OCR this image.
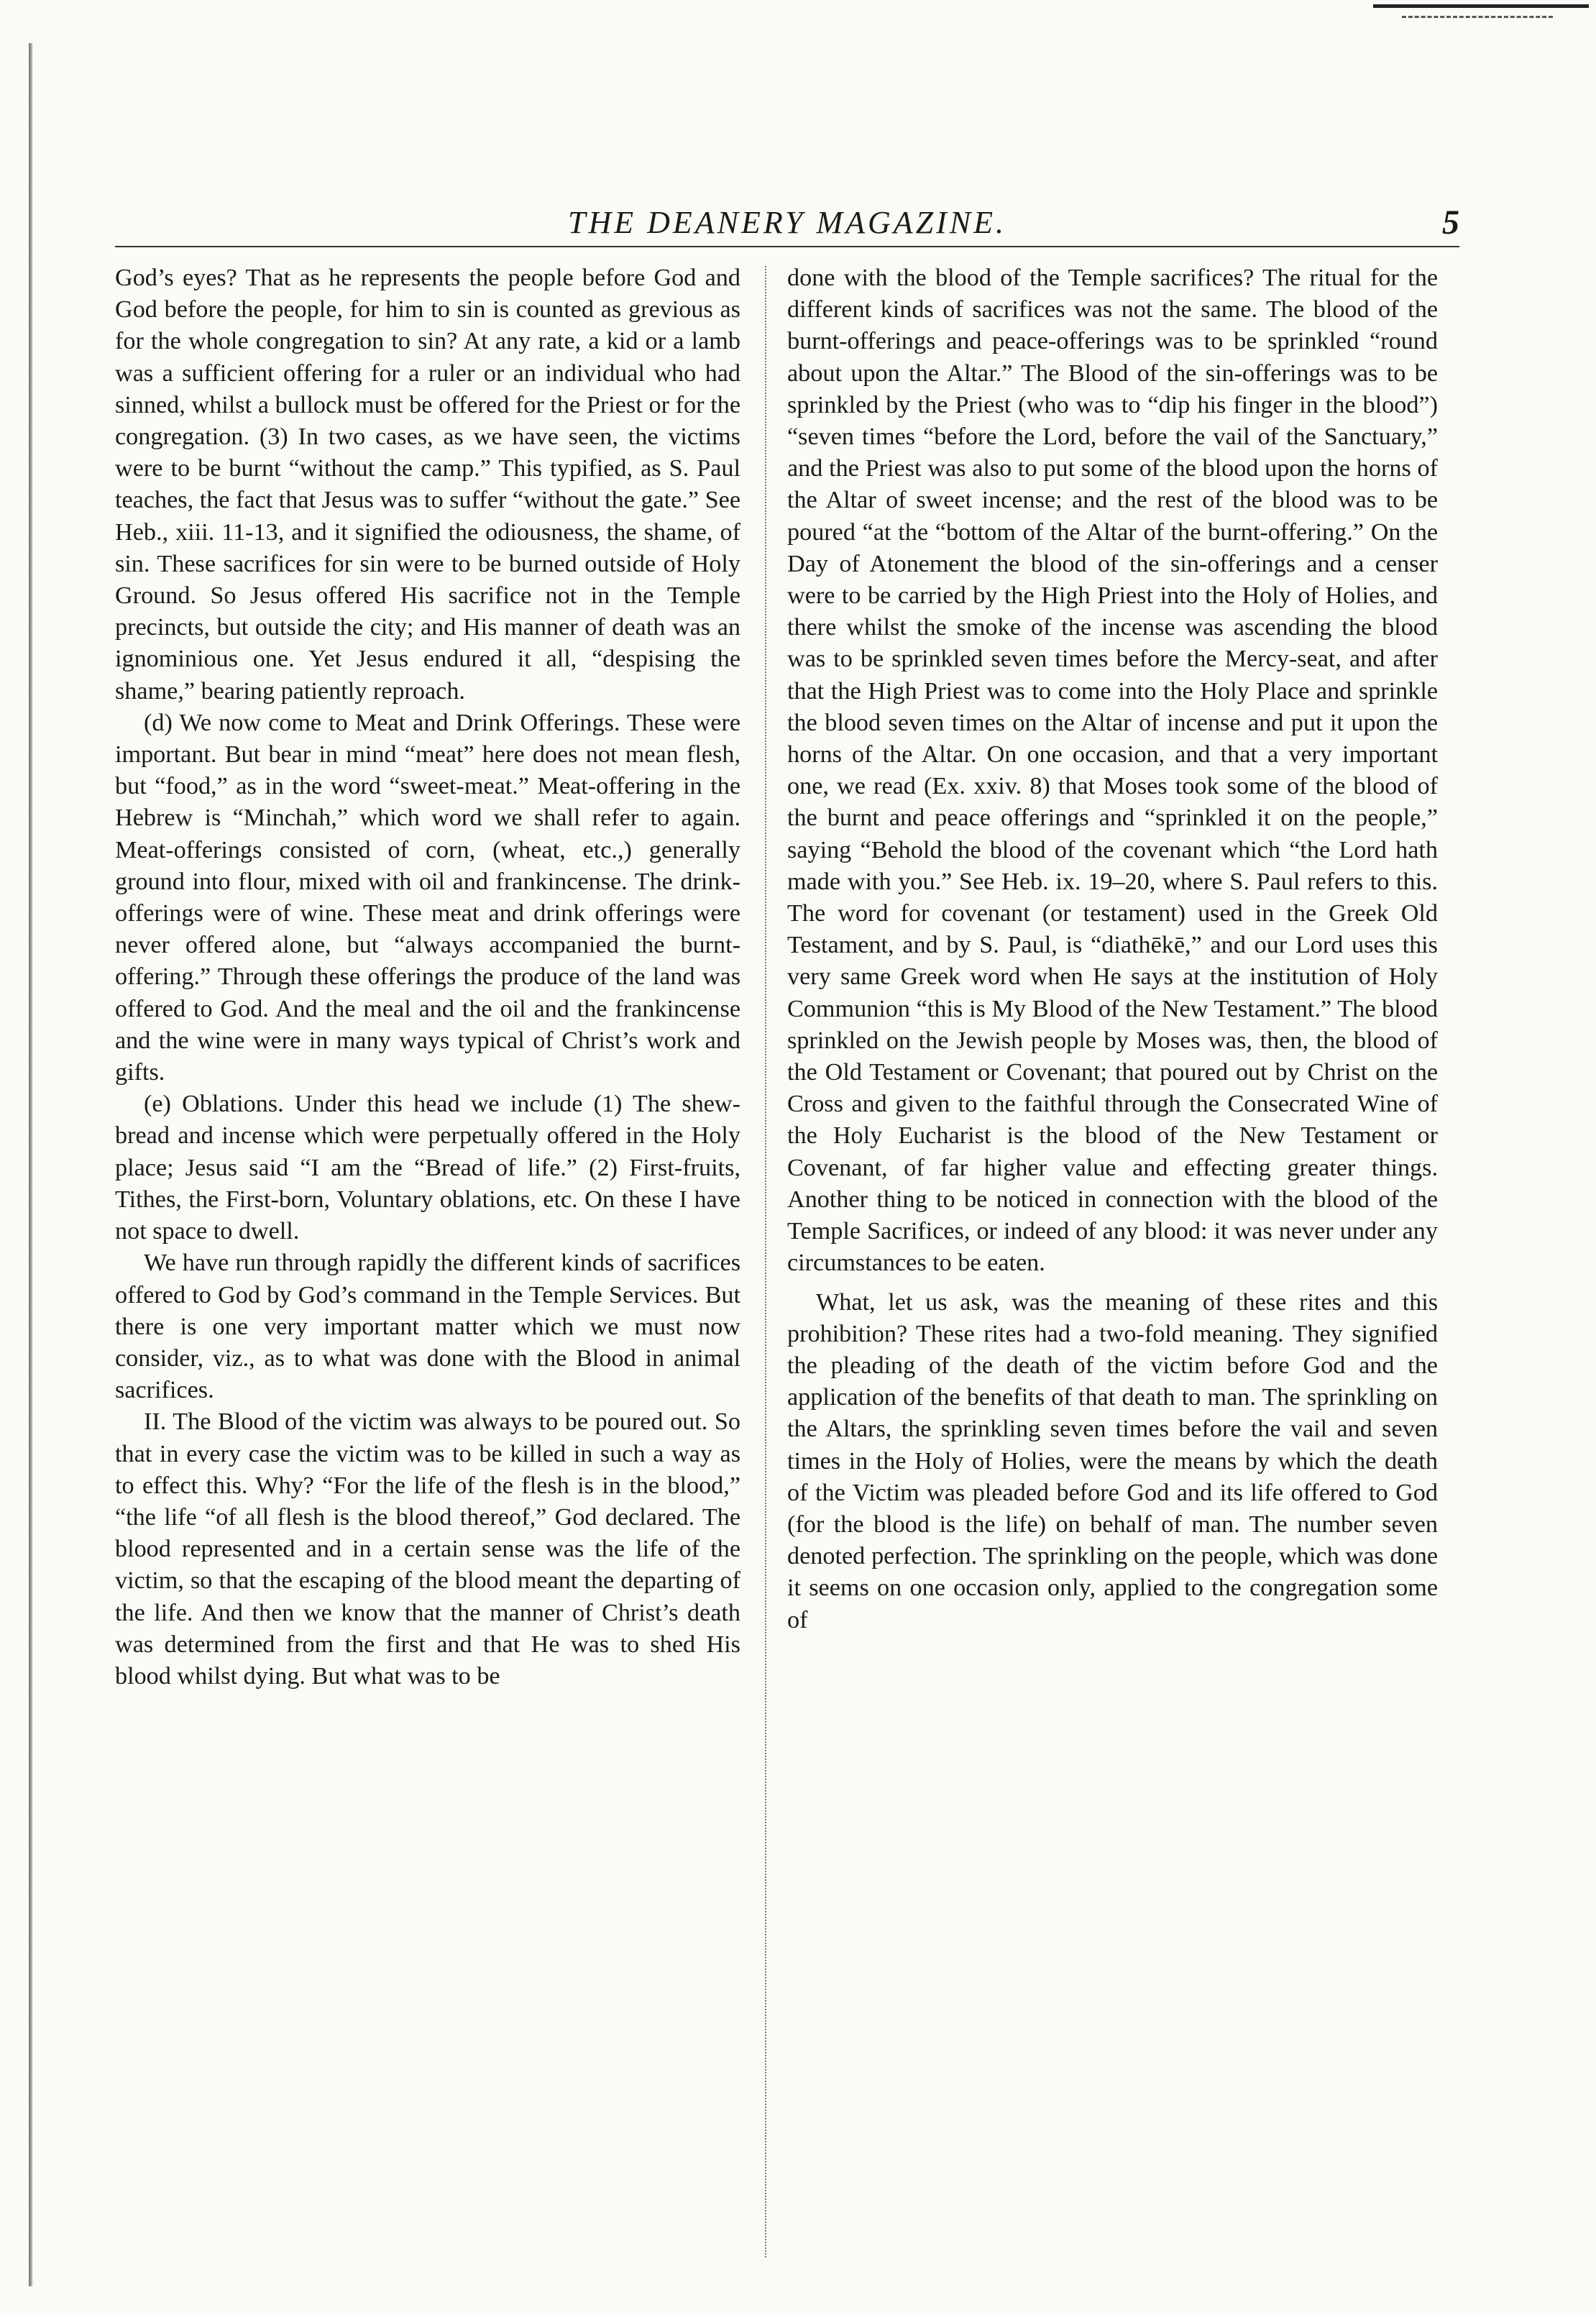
THE DEANERY MAGAZINE.	5

God’s eyes? That as he represents the people before God and God before the people, for him to sin is counted as grevious as for the whole congregation to sin? At any rate, a kid or a lamb was a sufficient offering for a ruler or an individual who had sinned, whilst a bullock must be offered for the Priest or for the congregation. (3) In two cases, as we have seen, the victims were to be burnt “without the camp.” This typified, as S. Paul teaches, the fact that Jesus was to suffer “without the gate.” See Heb., xiii. 11-13, and it signified the odiousness, the shame, of sin. These sacrifices for sin were to be burned outside of Holy Ground. So Jesus offered His sacrifice not in the Temple precincts, but outside the city; and His manner of death was an ignominious one. Yet Jesus endured it all, “despising the shame,” bearing patiently reproach.

(d) We now come to Meat and Drink Offerings. These were important. But bear in mind “meat” here does not mean flesh, but “food,” as in the word “sweet-meat.” Meat-offering in the Hebrew is “Minchah,” which word we shall refer to again. Meat-offerings consisted of corn, (wheat, etc.,) generally ground into flour, mixed with oil and frankincense. The drink-offerings were of wine. These meat and drink offerings were never offered alone, but “always accompanied the burnt-offering.” Through these offerings the produce of the land was offered to God. And the meal and the oil and the frankincense and the wine were in many ways typical of Christ’s work and gifts.

(e) Oblations. Under this head we include (1) The shew-bread and incense which were perpetually offered in the Holy place; Jesus said “I am the “Bread of life.” (2) First-fruits, Tithes, the First-born, Voluntary oblations, etc. On these I have not space to dwell.

We have run through rapidly the different kinds of sacrifices offered to God by God’s command in the Temple Services. But there is one very important matter which we must now consider, viz., as to what was done with the Blood in animal sacrifices.

II. The Blood of the victim was always to be poured out. So that in every case the victim was to be killed in such a way as to effect this. Why? “For the life of the flesh is in the blood,” “the life “of all flesh is the blood thereof,” God declared. The blood represented and in a certain sense was the life of the victim, so that the escaping of the blood meant the departing of the life. And then we know that the manner of Christ’s death was determined from the first and that He was to shed His blood whilst dying. But what was to be

done with the blood of the Temple sacrifices? The ritual for the different kinds of sacrifices was not the same. The blood of the burnt-offerings and peace-offerings was to be sprinkled “round about upon the Altar.” The Blood of the sin-offerings was to be sprinkled by the Priest (who was to “dip his finger in the blood”) “seven times “before the Lord, before the vail of the Sanctuary,” and the Priest was also to put some of the blood upon the horns of the Altar of sweet incense; and the rest of the blood was to be poured “at the “bottom of the Altar of the burnt-offering.” On the Day of Atonement the blood of the sin-offerings and a censer were to be carried by the High Priest into the Holy of Holies, and there whilst the smoke of the incense was ascending the blood was to be sprinkled seven times before the Mercy-seat, and after that the High Priest was to come into the Holy Place and sprinkle the blood seven times on the Altar of incense and put it upon the horns of the Altar. On one occasion, and that a very important one, we read (Ex. xxiv. 8) that Moses took some of the blood of the burnt and peace offerings and “sprinkled it on the people,” saying “Behold the blood of the covenant which “the Lord hath made with you.” See Heb. ix. 19–20, where S. Paul refers to this. The word for covenant (or testament) used in the Greek Old Testament, and by S. Paul, is “diathēkē,” and our Lord uses this very same Greek word when He says at the institution of Holy Communion “this is My Blood of the New Testament.” The blood sprinkled on the Jewish people by Moses was, then, the blood of the Old Testament or Covenant; that poured out by Christ on the Cross and given to the faithful through the Consecrated Wine of the Holy Eucharist is the blood of the New Testament or Covenant, of far higher value and effecting greater things. Another thing to be noticed in connection with the blood of the Temple Sacrifices, or indeed of any blood: it was never under any circumstances to be eaten.

What, let us ask, was the meaning of these rites and this prohibition? These rites had a two-fold meaning. They signified the pleading of the death of the victim before God and the application of the benefits of that death to man. The sprinkling on the Altars, the sprinkling seven times before the vail and seven times in the Holy of Holies, were the means by which the death of the Victim was pleaded before God and its life offered to God (for the blood is the life) on behalf of man. The number seven denoted perfection. The sprinkling on the people, which was done it seems on one occasion only, applied to the congregation some of
